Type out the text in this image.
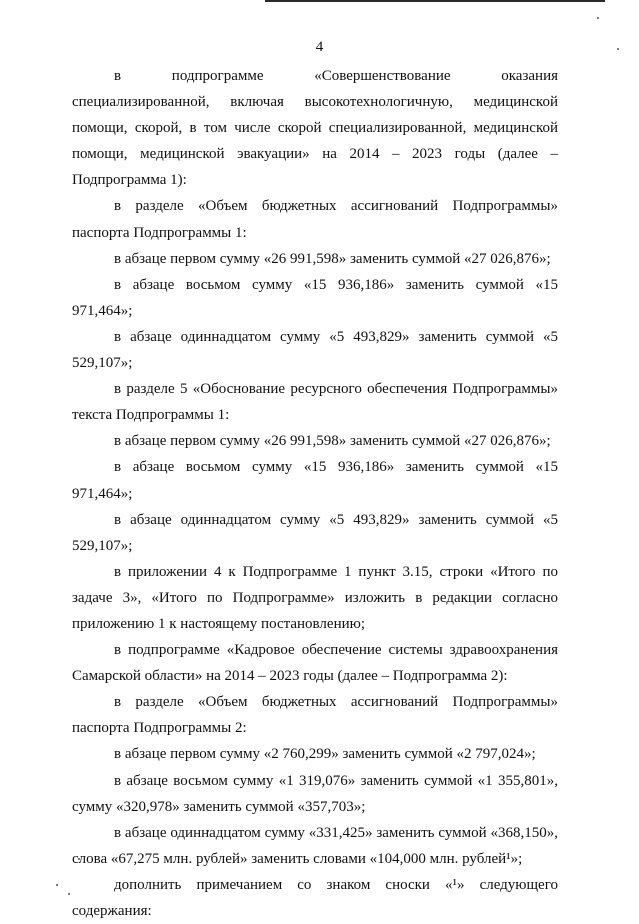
4

в подпрограмме «Совершенствование оказания специализированной, включая высокотехнологичную, медицинской помощи, скорой, в том числе скорой специализированной, медицинской помощи, медицинской эвакуации» на 2014 – 2023 годы (далее – Подпрограмма 1):

в разделе «Объем бюджетных ассигнований Подпрограммы» паспорта Подпрограммы 1:

в абзаце первом сумму «26 991,598» заменить суммой «27 026,876»;

в абзаце восьмом сумму «15 936,186» заменить суммой «15 971,464»;

в абзаце одиннадцатом сумму «5 493,829» заменить суммой «5 529,107»;

в разделе 5 «Обоснование ресурсного обеспечения Подпрограммы» текста Подпрограммы 1:

в абзаце первом сумму «26 991,598» заменить суммой «27 026,876»;

в абзаце восьмом сумму «15 936,186» заменить суммой «15 971,464»;

в абзаце одиннадцатом сумму «5 493,829» заменить суммой «5 529,107»;

в приложении 4 к Подпрограмме 1 пункт 3.15, строки «Итого по задаче 3», «Итого по Подпрограмме» изложить в редакции согласно приложению 1 к настоящему постановлению;

в подпрограмме «Кадровое обеспечение системы здравоохранения Самарской области» на 2014 – 2023 годы (далее – Подпрограмма 2):

в разделе «Объем бюджетных ассигнований Подпрограммы» паспорта Подпрограммы 2:

в абзаце первом сумму «2 760,299» заменить суммой «2 797,024»;

в абзаце восьмом сумму «1 319,076» заменить суммой «1 355,801», сумму «320,978» заменить суммой «357,703»;

в абзаце одиннадцатом сумму «331,425» заменить суммой «368,150», слова «67,275 млн. рублей» заменить словами «104,000 млн. рублей¹»;

дополнить примечанием со знаком сноски «¹» следующего содержания:
